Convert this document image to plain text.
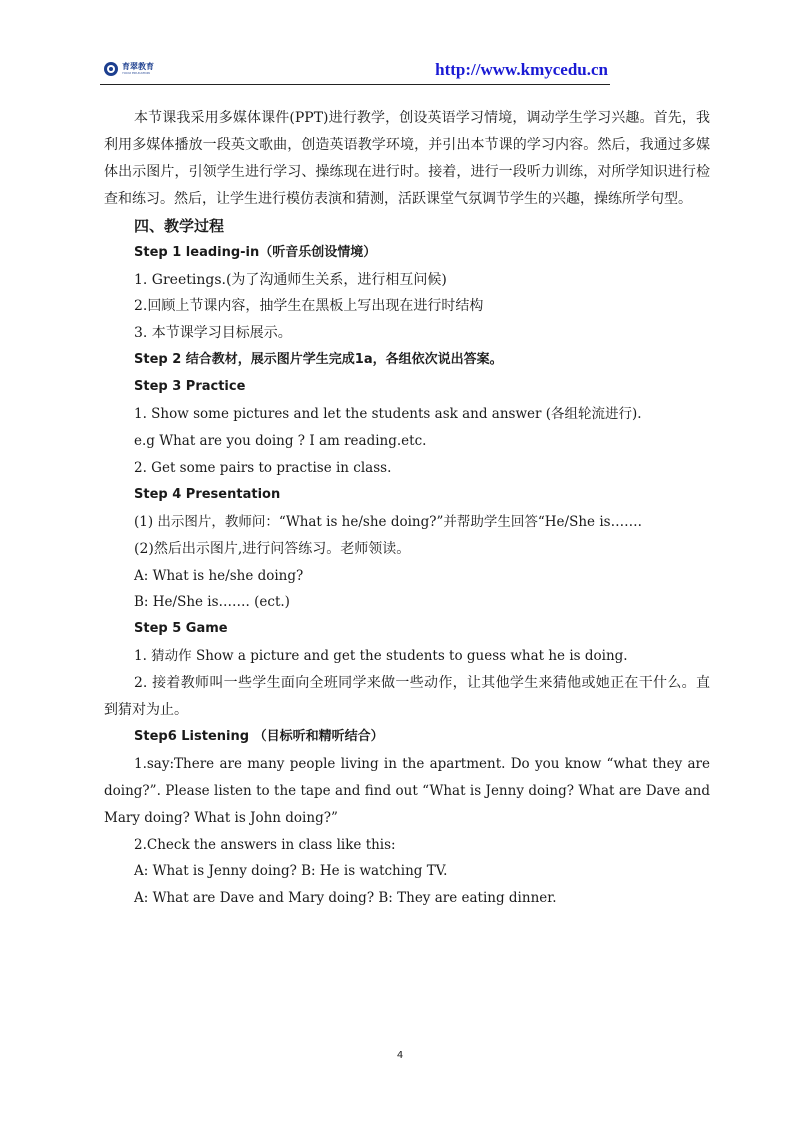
育翠教育
YUCUI EDUCATION	http://www.kmycedu.cn
本节课我采用多媒体课件(PPT)进行教学，创设英语学习情境，调动学生学习兴趣。首先，我利用多媒体播放一段英文歌曲，创造英语教学环境，并引出本节课的学习内容。然后，我通过多媒体出示图片，引领学生进行学习、操练现在进行时。接着，进行一段听力训练，对所学知识进行检查和练习。然后，让学生进行模仿表演和猜测，活跃课堂气氛调节学生的兴趣，操练所学句型。
四、教学过程
Step 1 leading-in（听音乐创设情境）
1. Greetings.(为了沟通师生关系，进行相互问候)
2.回顾上节课内容，抽学生在黑板上写出现在进行时结构
3. 本节课学习目标展示。
Step 2 结合教材，展示图片学生完成1a，各组依次说出答案。
Step 3 Practice
1. Show some pictures and let the students ask and answer (各组轮流进行).
e.g What are you doing ? I am reading.etc.
2. Get some pairs to practise in class.
Step 4 Presentation
(1) 出示图片，教师问：“What is he/she doing?”并帮助学生回答“He/She is…….
(2)然后出示图片,进行问答练习。老师领读。
A: What is he/she doing?
B: He/She is……. (ect.)
Step 5 Game
1. 猜动作 Show a picture and get the students to guess what he is doing.
2. 接着教师叫一些学生面向全班同学来做一些动作，让其他学生来猜他或她正在干什么。直到猜对为止。
Step6 Listening （目标听和精听结合）
1.say:There are many people living in the apartment. Do you know “what they are doing?”. Please listen to the tape and find out “What is Jenny doing? What are Dave and Mary doing? What is John doing?”
2.Check the answers in class like this:
A: What is Jenny doing? B: He is watching TV.
A: What are Dave and Mary doing? B: They are eating dinner.
4
